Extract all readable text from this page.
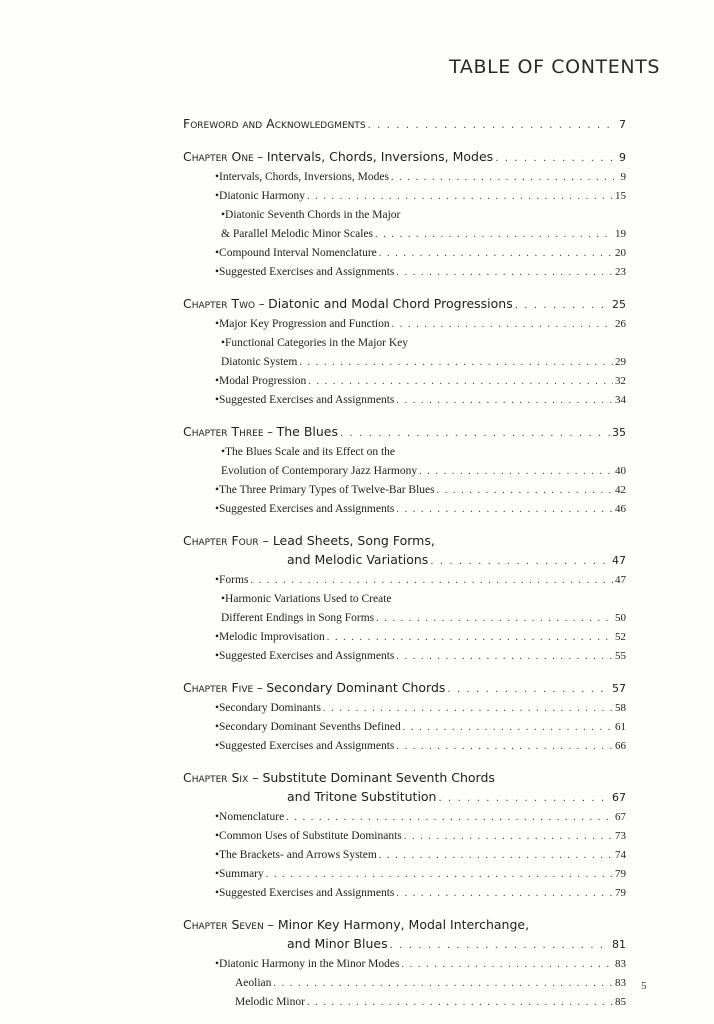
TABLE OF CONTENTS
Foreword and Acknowledgments . . .	7
Chapter One – Intervals, Chords, Inversions, Modes . . .	9
•Intervals, Chords, Inversions, Modes . . .	9
•Diatonic Harmony . . .	15
•Diatonic Seventh Chords in the Major
& Parallel Melodic Minor Scales . . .	19
•Compound Interval Nomenclature . . .	20
•Suggested Exercises and Assignments . . .	23
Chapter Two – Diatonic and Modal Chord Progressions . . .	25
•Major Key Progression and Function . . .	26
•Functional Categories in the Major Key
Diatonic System . . .	29
•Modal Progression . . .	32
•Suggested Exercises and Assignments . . .	34
Chapter Three – The Blues . . .	35
•The Blues Scale and its Effect on the
Evolution of Contemporary Jazz Harmony . . .	40
•The Three Primary Types of Twelve-Bar Blues . . .	42
•Suggested Exercises and Assignments . . .	46
Chapter Four – Lead Sheets, Song Forms,
and Melodic Variations . . .	47
•Forms . . .	47
•Harmonic Variations Used to Create
Different Endings in Song Forms . . .	50
•Melodic Improvisation . . .	52
•Suggested Exercises and Assignments . . .	55
Chapter Five – Secondary Dominant Chords . . .	57
•Secondary Dominants . . .	58
•Secondary Dominant Sevenths Defined . . .	61
•Suggested Exercises and Assignments . . .	66
Chapter Six – Substitute Dominant Seventh Chords
and Tritone Substitution . . .	67
•Nomenclature . . .	67
•Common Uses of Substitute Dominants . . .	73
•The Brackets- and Arrows System . . .	74
•Summary . . .	79
•Suggested Exercises and Assignments . . .	79
Chapter Seven – Minor Key Harmony, Modal Interchange,
and Minor Blues . . .	81
•Diatonic Harmony in the Minor Modes . . .	83
Aeolian . . .	83
Melodic Minor . . .	85
5
